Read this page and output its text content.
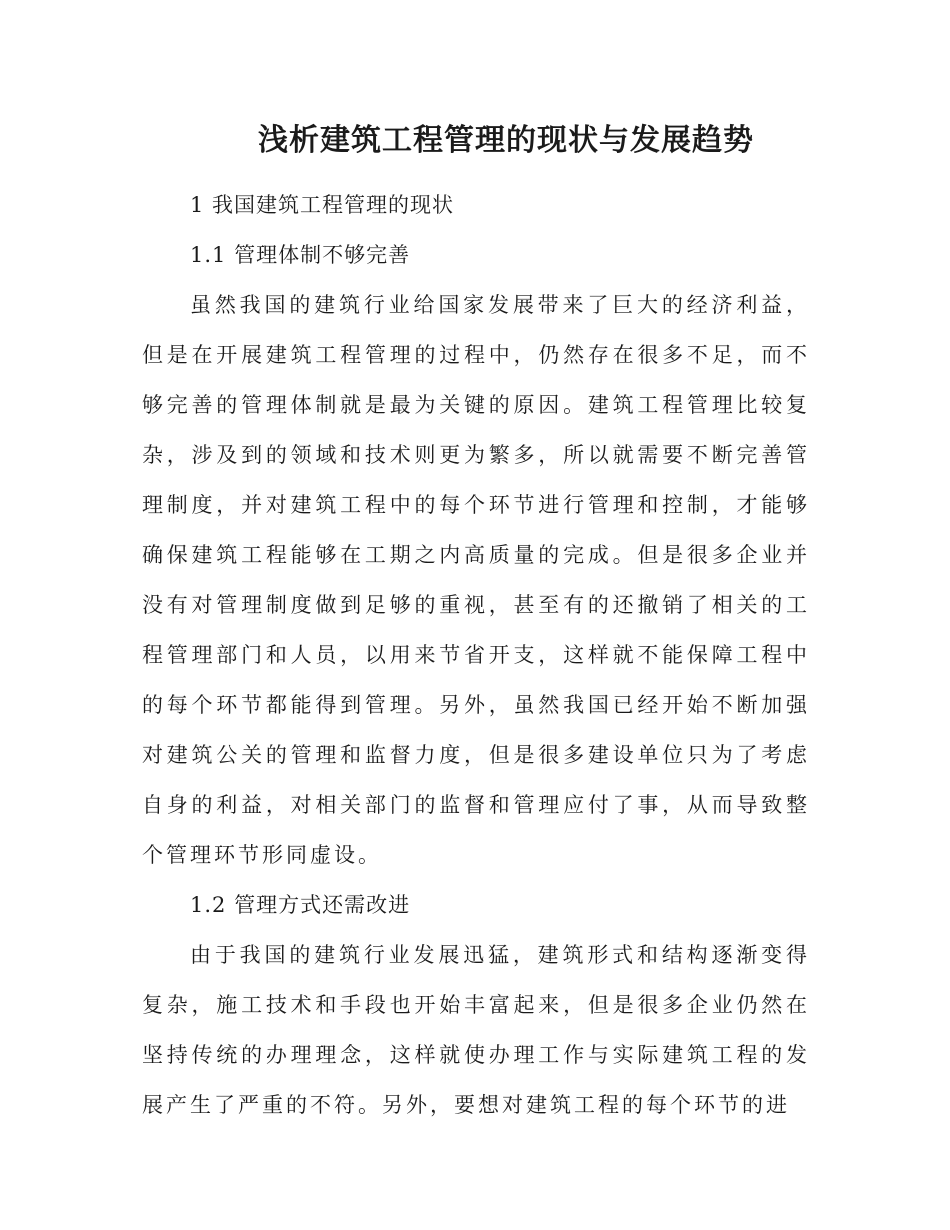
浅析建筑工程管理的现状与发展趋势
1 我国建筑工程管理的现状
1.1 管理体制不够完善

虽然我国的建筑行业给国家发展带来了巨大的经济利益，但是在开展建筑工程管理的过程中，仍然存在很多不足，而不够完善的管理体制就是最为关键的原因。建筑工程管理比较复杂，涉及到的领域和技术则更为繁多，所以就需要不断完善管理制度，并对建筑工程中的每个环节进行管理和控制，才能够确保建筑工程能够在工期之内高质量的完成。但是很多企业并没有对管理制度做到足够的重视，甚至有的还撤销了相关的工程管理部门和人员，以用来节省开支，这样就不能保障工程中的每个环节都能得到管理。另外，虽然我国已经开始不断加强对建筑公关的管理和监督力度，但是很多建设单位只为了考虑自身的利益，对相关部门的监督和管理应付了事，从而导致整个管理环节形同虚设。

1.2 管理方式还需改进

由于我国的建筑行业发展迅猛，建筑形式和结构逐渐变得复杂，施工技术和手段也开始丰富起来，但是很多企业仍然在坚持传统的办理理念，这样就使办理工作与实际建筑工程的发展产生了严重的不符。另外，要想对建筑工程的每个环节的进
